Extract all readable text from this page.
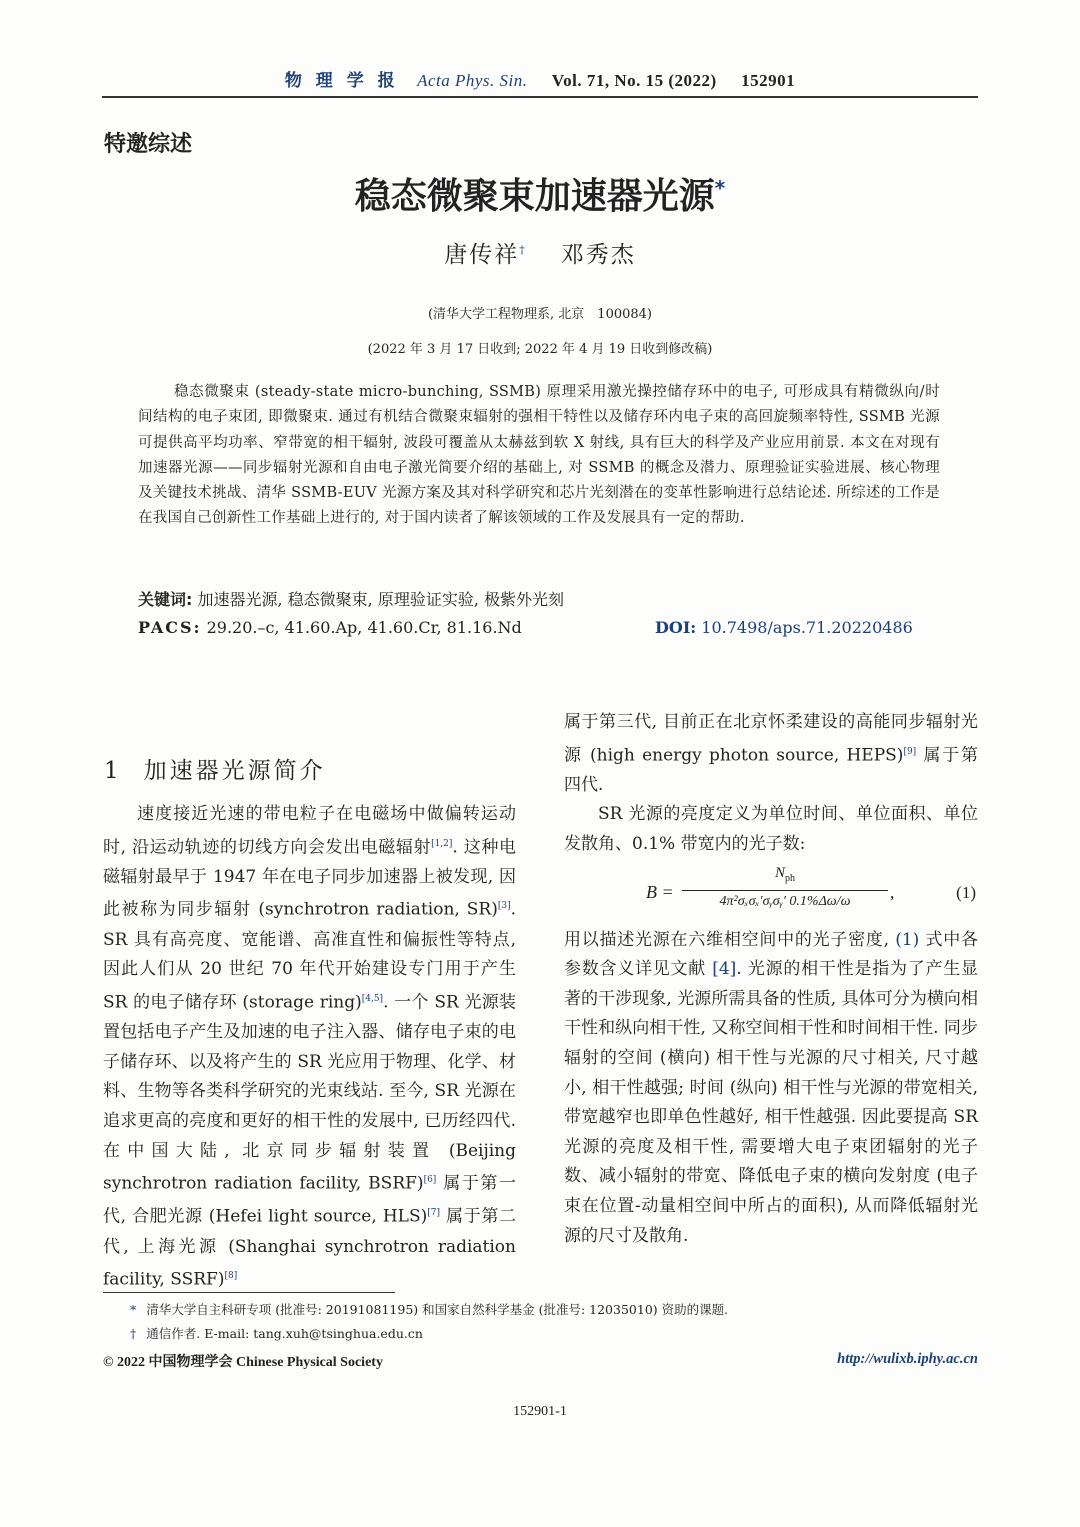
物 理 学 报 Acta Phys. Sin. Vol. 71, No. 15 (2022) 152901
特邀综述
稳态微聚束加速器光源*
唐传祥† 邓秀杰
(清华大学工程物理系, 北京　100084)
(2022 年 3 月 17 日收到; 2022 年 4 月 19 日收到修改稿)
稳态微聚束 (steady-state micro-bunching, SSMB) 原理采用激光操控储存环中的电子, 可形成具有精微纵向/时间结构的电子束团, 即微聚束. 通过有机结合微聚束辐射的强相干特性以及储存环内电子束的高回旋频率特性, SSMB 光源可提供高平均功率、窄带宽的相干辐射, 波段可覆盖从太赫兹到软 X 射线, 具有巨大的科学及产业应用前景. 本文在对现有加速器光源——同步辐射光源和自由电子激光简要介绍的基础上, 对 SSMB 的概念及潜力、原理验证实验进展、核心物理及关键技术挑战、清华 SSMB-EUV 光源方案及其对科学研究和芯片光刻潜在的变革性影响进行总结论述. 所综述的工作是在我国自己创新性工作基础上进行的, 对于国内读者了解该领域的工作及发展具有一定的帮助.
关键词: 加速器光源, 稳态微聚束, 原理验证实验, 极紫外光刻
PACS: 29.20.–c, 41.60.Ap, 41.60.Cr, 81.16.Nd	DOI: 10.7498/aps.71.20220486
1 加速器光源简介

速度接近光速的带电粒子在电磁场中做偏转运动时, 沿运动轨迹的切线方向会发出电磁辐射[1,2]. 这种电磁辐射最早于 1947 年在电子同步加速器上被发现, 因此被称为同步辐射 (synchrotron radiation, SR)[3]. SR 具有高亮度、宽能谱、高准直性和偏振性等特点, 因此人们从 20 世纪 70 年代开始建设专门用于产生 SR 的电子储存环 (storage ring)[4,5]. 一个 SR 光源装置包括电子产生及加速的电子注入器、储存电子束的电子储存环、以及将产生的 SR 光应用于物理、化学、材料、生物等各类科学研究的光束线站. 至今, SR 光源在追求更高的亮度和更好的相干性的发展中, 已历经四代. 在中国大陆, 北京同步辐射装置 (Beijing synchrotron radiation facility, BSRF)[6] 属于第一代, 合肥光源 (Hefei light source, HLS)[7] 属于第二代, 上海光源 (Shanghai synchrotron radiation facility, SSRF)[8]

属于第三代, 目前正在北京怀柔建设的高能同步辐射光源 (high energy photon source, HEPS)[9] 属于第四代.

SR 光源的亮度定义为单位时间、单位面积、单位发散角、0.1% 带宽内的光子数:

B =
$N_{ph}$
4π²σₓσₓ′σᵧσᵧ′ 0.1%Δω/ω	,	(1)

用以描述光源在六维相空间中的光子密度, (1) 式中各参数含义详见文献 [4]. 光源的相干性是指为了产生显著的干涉现象, 光源所需具备的性质, 具体可分为横向相干性和纵向相干性, 又称空间相干性和时间相干性. 同步辐射的空间 (横向) 相干性与光源的尺寸相关, 尺寸越小, 相干性越强; 时间 (纵向) 相干性与光源的带宽相关, 带宽越窄也即单色性越好, 相干性越强. 因此要提高 SR 光源的亮度及相干性, 需要增大电子束团辐射的光子数、减小辐射的带宽、降低电子束的横向发射度 (电子束在位置-动量相空间中所占的面积), 从而降低辐射光源的尺寸及散角.

* 清华大学自主科研专项 (批准号: 20191081195) 和国家自然科学基金 (批准号: 12035010) 资助的课题.
† 通信作者. E-mail: tang.xuh@tsinghua.edu.cn
© 2022 中国物理学会 Chinese Physical Society	http://wulixb.iphy.ac.cn
152901-1
